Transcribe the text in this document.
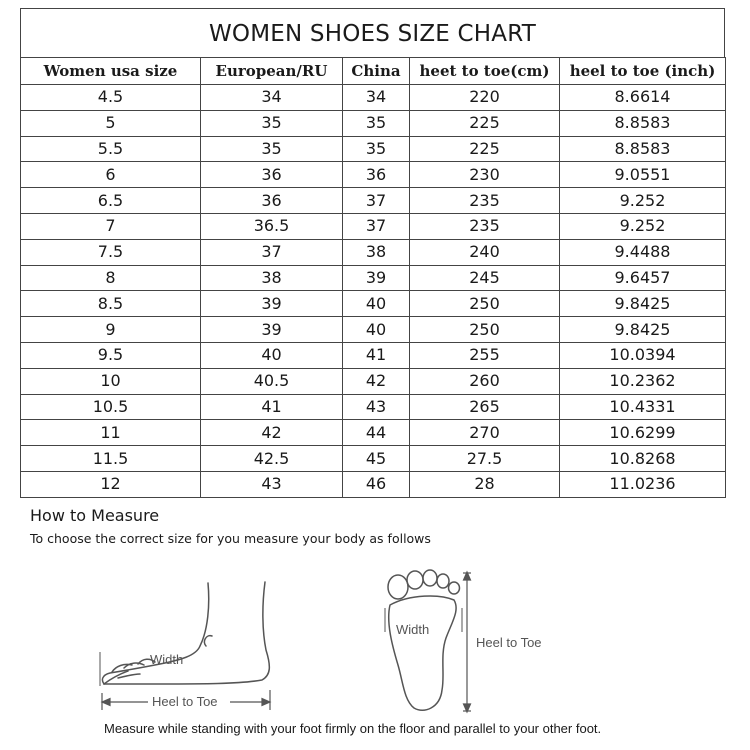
WOMEN SHOES SIZE CHART
Women usa size	European/RU	China	heet to toe(cm)	heel to toe (inch)
4.5	34	34	220	8.6614
5	35	35	225	8.8583
5.5	35	35	225	8.8583
6	36	36	230	9.0551
6.5	36	37	235	9.252
7	36.5	37	235	9.252
7.5	37	38	240	9.4488
8	38	39	245	9.6457
8.5	39	40	250	9.8425
9	39	40	250	9.8425
9.5	40	41	255	10.0394
10	40.5	42	260	10.2362
10.5	41	43	265	10.4331
11	42	44	270	10.6299
11.5	42.5	45	27.5	10.8268
12	43	46	28	11.0236
How to Measure
To choose the correct size for you measure your body as follows
Width
Heel to Toe
Width
Heel to Toe
Measure while standing with your foot firmly on the floor and parallel to your other foot.
